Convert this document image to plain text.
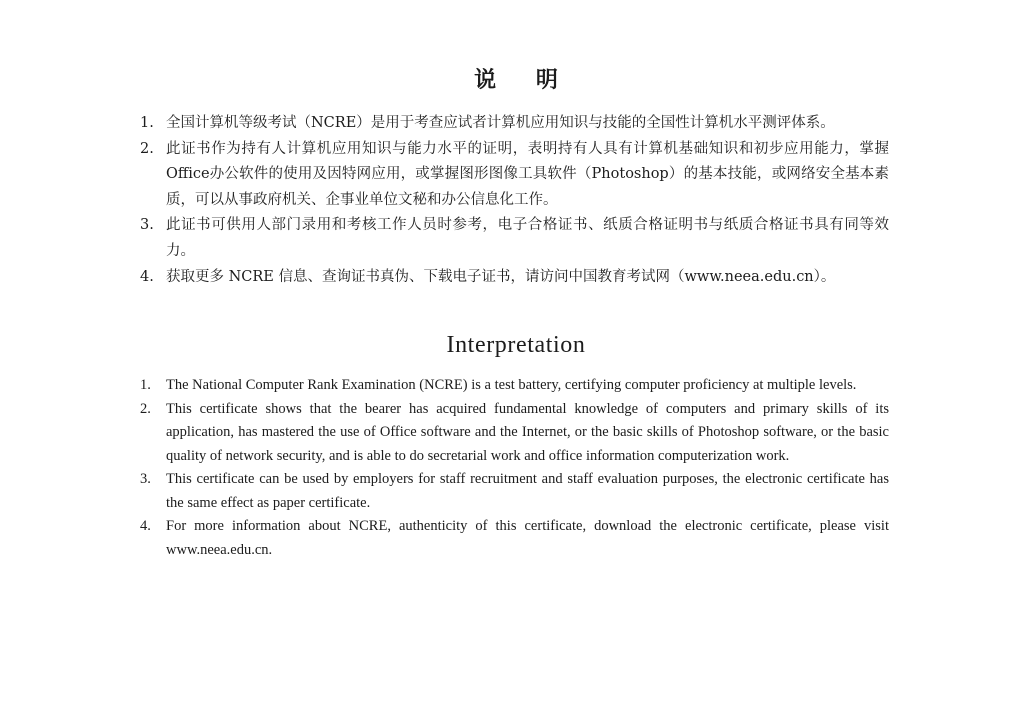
说 明
1. 全国计算机等级考试（NCRE）是用于考查应试者计算机应用知识与技能的全国性计算机水平测评体系。
2. 此证书作为持有人计算机应用知识与能力水平的证明，表明持有人具有计算机基础知识和初步应用能力，掌握Office办公软件的使用及因特网应用，或掌握图形图像工具软件（Photoshop）的基本技能，或网络安全基本素质，可以从事政府机关、企事业单位文秘和办公信息化工作。
3. 此证书可供用人部门录用和考核工作人员时参考，电子合格证书、纸质合格证明书与纸质合格证书具有同等效力。
4. 获取更多 NCRE 信息、查询证书真伪、下载电子证书，请访问中国教育考试网（www.neea.edu.cn）。
Interpretation
1.	The National Computer Rank Examination (NCRE) is a test battery, certifying computer proficiency at multiple levels.
2.	This certificate shows that the bearer has acquired fundamental knowledge of computers and primary skills of its application, has mastered the use of Office software and the Internet, or the basic skills of Photoshop software, or the basic quality of network security, and is able to do secretarial work and office information computerization work.
3.	This certificate can be used by employers for staff recruitment and staff evaluation purposes, the electronic certificate has the same effect as paper certificate.
4.	For more information about NCRE, authenticity of this certificate, download the electronic certificate, please visit www.neea.edu.cn.
